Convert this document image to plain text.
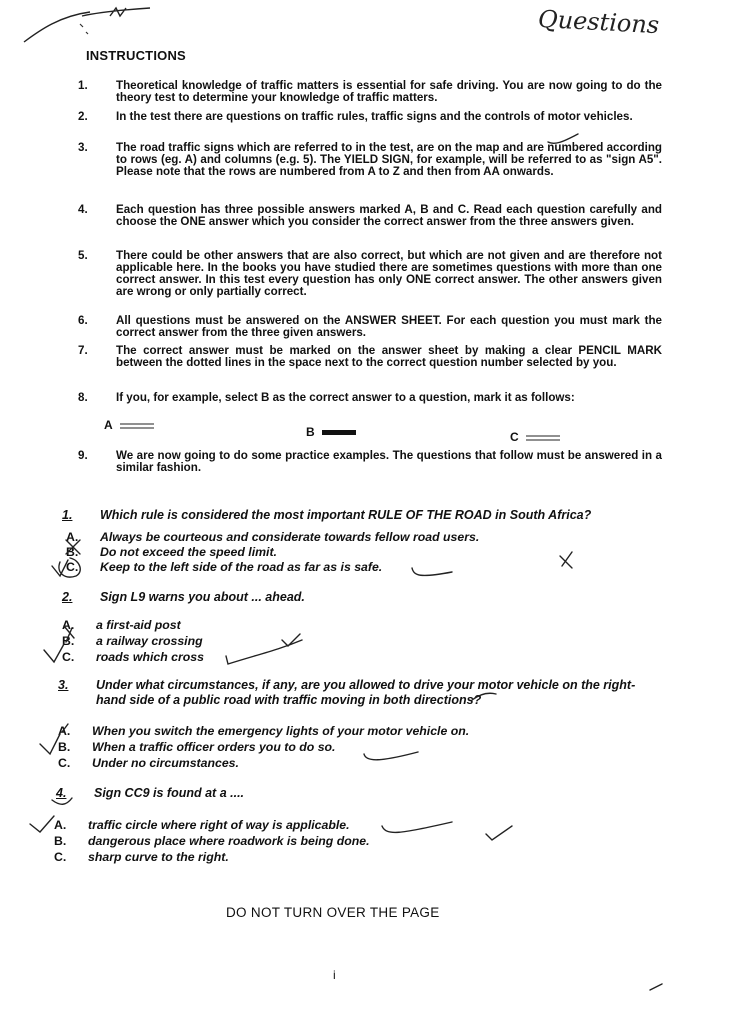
Questions
INSTRUCTIONS
1. Theoretical knowledge of traffic matters is essential for safe driving. You are now going to do the theory test to determine your knowledge of traffic matters.
2. In the test there are questions on traffic rules, traffic signs and the controls of motor vehicles.
3. The road traffic signs which are referred to in the test, are on the map and are numbered according to rows (eg. A) and columns (e.g. 5). The YIELD SIGN, for example, will be referred to as "sign A5". Please note that the rows are numbered from A to Z and then from AA onwards.
4. Each question has three possible answers marked A, B and C. Read each question carefully and choose the ONE answer which you consider the correct answer from the three answers given.
5. There could be other answers that are also correct, but which are not given and are therefore not applicable here. In the books you have studied there are sometimes questions with more than one correct answer. In this test every question has only ONE correct answer. The other answers given are wrong or only partially correct.
6. All questions must be answered on the ANSWER SHEET. For each question you must mark the correct answer from the three given answers.
7. The correct answer must be marked on the answer sheet by making a clear PENCIL MARK between the dotted lines in the space next to the correct question number selected by you.
8. If you, for example, select B as the correct answer to a question, mark it as follows:
A	B	C
9. We are now going to do some practice examples. The questions that follow must be answered in a similar fashion.
1. Which rule is considered the most important RULE OF THE ROAD in South Africa?
A. Always be courteous and considerate towards fellow road users.
B. Do not exceed the speed limit.
C. Keep to the left side of the road as far as is safe.
2. Sign L9 warns you about ... ahead.
A. a first-aid post
B. a railway crossing
C. roads which cross
3. Under what circumstances, if any, are you allowed to drive your motor vehicle on the right-hand side of a public road with traffic moving in both directions?
A. When you switch the emergency lights of your motor vehicle on.
B. When a traffic officer orders you to do so.
C. Under no circumstances.
4. Sign CC9 is found at a ....
A. traffic circle where right of way is applicable.
B. dangerous place where roadwork is being done.
C. sharp curve to the right.
DO NOT TURN OVER THE PAGE
i
